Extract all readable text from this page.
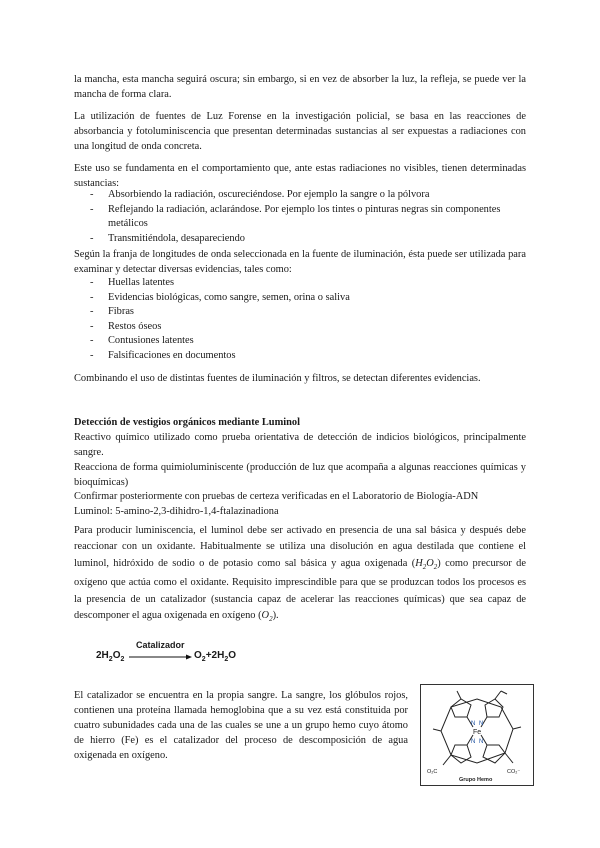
la mancha, esta mancha seguirá oscura; sin embargo, si en vez de absorber la luz, la refleja, se puede ver la mancha de forma clara.

La utilización de fuentes de Luz Forense en la investigación policial, se basa en las reacciones de absorbancia y fotoluminiscencia que presentan determinadas sustancias al ser expuestas a radiaciones con una longitud de onda concreta.

Este uso se fundamenta en el comportamiento que, ante estas radiaciones no visibles, tienen determinadas sustancias:

- Absorbiendo la radiación, oscureciéndose. Por ejemplo la sangre o la pólvora
- Reflejando la radiación, aclarándose. Por ejemplo los tintes o pinturas negras sin componentes metálicos
- Transmitiéndola, desapareciendo

Según la franja de longitudes de onda seleccionada en la fuente de iluminación, ésta puede ser utilizada para examinar y detectar diversas evidencias, tales como:

- Huellas latentes
- Evidencias biológicas, como sangre, semen, orina o saliva
- Fibras
- Restos óseos
- Contusiones latentes
- Falsificaciones en documentos

Combinando el uso de distintas fuentes de iluminación y filtros, se detectan diferentes evidencias.

Detección de vestigios orgánicos mediante Luminol

Reactivo químico utilizado como prueba orientativa de detección de indicios biológicos, principalmente sangre.

Reacciona de forma quimioluminiscente (producción de luz que acompaña a algunas reacciones químicas y bioquímicas)

Confirmar posteriormente con pruebas de certeza verificadas en el Laboratorio de Biología-ADN

Luminol: 5-amino-2,3-dihidro-1,4-ftalazinadiona

Para producir luminiscencia, el luminol debe ser activado en presencia de una sal básica y después debe reaccionar con un oxidante. Habitualmente se utiliza una disolución en agua destilada que contiene el luminol, hidróxido de sodio o de potasio como sal básica y agua oxigenada $(H_2O_2)$ como precursor de oxígeno que actúa como el oxidante. Requisito imprescindible para que se produzcan todos los procesos es la presencia de un catalizador (sustancia capaz de acelerar las reacciones químicas) que sea capaz de descomponer el agua oxigenada en oxígeno $(O_2)$.

$2H_2O_2$
Catalizador
$O_2+2H_2O$

El catalizador se encuentra en la propia sangre. La sangre, los glóbulos rojos, contienen una proteína llamada hemoglobina que a su vez está constituida por cuatro subunidades cada una de las cuales se une a un grupo hemo cuyo átomo de hierro (Fe) es el catalizador del proceso de descomposición de agua oxigenada en oxígeno.

N N
N N
Fe
O₂C	CO₂⁻
Grupo Hemo
